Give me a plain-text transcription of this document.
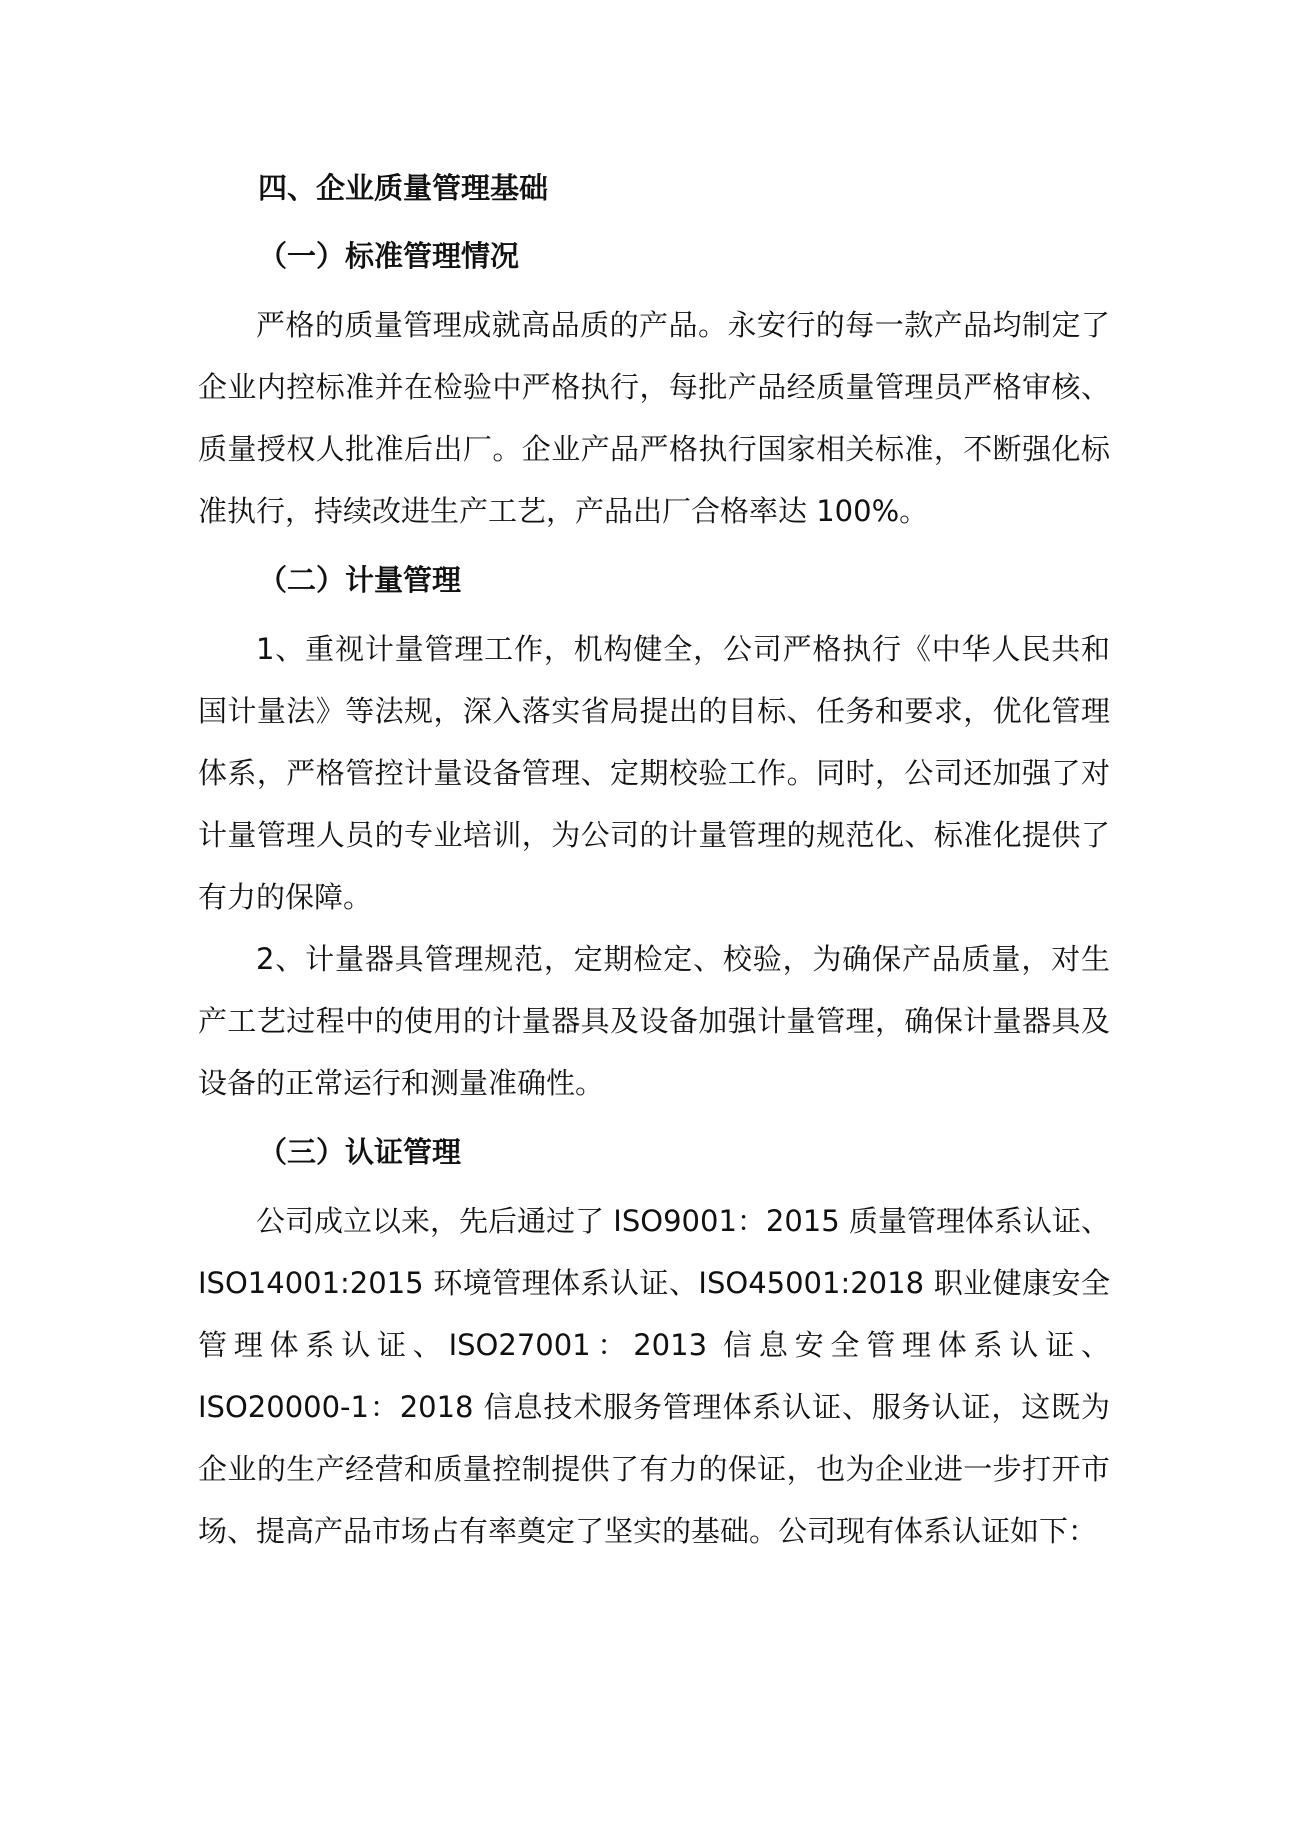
四、企业质量管理基础
（一）标准管理情况

严格的质量管理成就高品质的产品。永安行的每一款产品均制定了企业内控标准并在检验中严格执行，每批产品经质量管理员严格审核、质量授权人批准后出厂。企业产品严格执行国家相关标准，不断强化标准执行，持续改进生产工艺，产品出厂合格率达 100%。

（二）计量管理

1、重视计量管理工作，机构健全，公司严格执行《中华人民共和国计量法》等法规，深入落实省局提出的目标、任务和要求，优化管理体系，严格管控计量设备管理、定期校验工作。同时，公司还加强了对计量管理人员的专业培训，为公司的计量管理的规范化、标准化提供了有力的保障。

2、计量器具管理规范，定期检定、校验，为确保产品质量，对生产工艺过程中的使用的计量器具及设备加强计量管理，确保计量器具及设备的正常运行和测量准确性。

（三）认证管理

公司成立以来，先后通过了 ISO9001：2015 质量管理体系认证、ISO14001:2015 环境管理体系认证、ISO45001:2018 职业健康安全管理体系认证、ISO27001：2013 信息安全管理体系认证、ISO20000-1：2018 信息技术服务管理体系认证、服务认证，这既为企业的生产经营和质量控制提供了有力的保证，也为企业进一步打开市场、提高产品市场占有率奠定了坚实的基础。公司现有体系认证如下：
